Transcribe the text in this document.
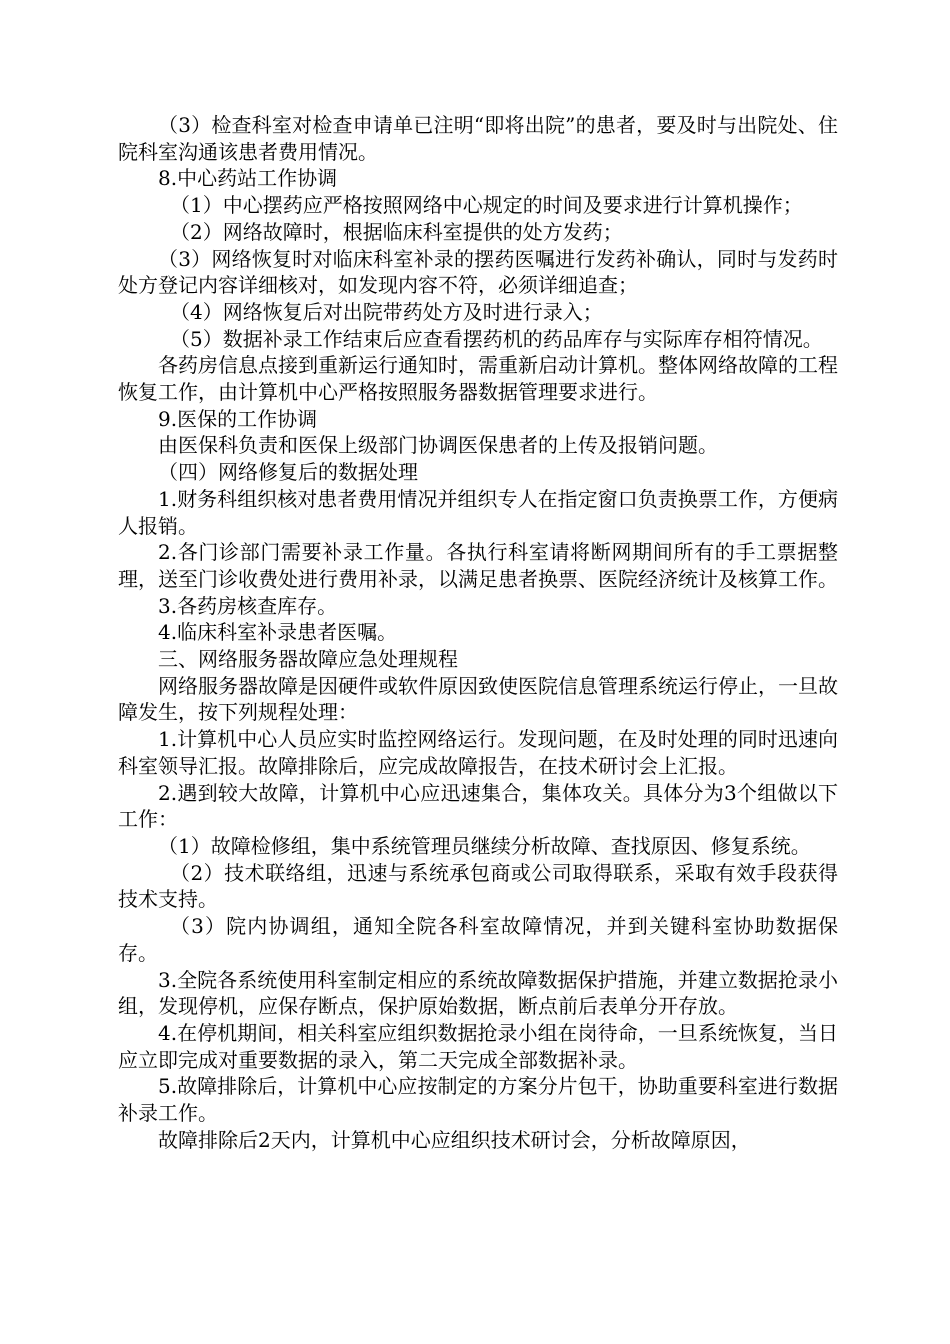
（3）检查科室对检查申请单已注明“即将出院”的患者，要及时与出院处、住院科室沟通该患者费用情况。

8.中心药站工作协调

（1）中心摆药应严格按照网络中心规定的时间及要求进行计算机操作；

（2）网络故障时，根据临床科室提供的处方发药；

（3）网络恢复时对临床科室补录的摆药医嘱进行发药补确认，同时与发药时处方登记内容详细核对，如发现内容不符，必须详细追查；

（4）网络恢复后对出院带药处方及时进行录入；

（5）数据补录工作结束后应查看摆药机的药品库存与实际库存相符情况。

各药房信息点接到重新运行通知时，需重新启动计算机。整体网络故障的工程恢复工作，由计算机中心严格按照服务器数据管理要求进行。

9.医保的工作协调

由医保科负责和医保上级部门协调医保患者的上传及报销问题。

（四）网络修复后的数据处理

1.财务科组织核对患者费用情况并组织专人在指定窗口负责换票工作，方便病人报销。

2.各门诊部门需要补录工作量。各执行科室请将断网期间所有的手工票据整理，送至门诊收费处进行费用补录，以满足患者换票、医院经济统计及核算工作。

3.各药房核查库存。

4.临床科室补录患者医嘱。

三、网络服务器故障应急处理规程

网络服务器故障是因硬件或软件原因致使医院信息管理系统运行停止，一旦故障发生，按下列规程处理：

1.计算机中心人员应实时监控网络运行。发现问题，在及时处理的同时迅速向科室领导汇报。故障排除后，应完成故障报告，在技术研讨会上汇报。

2.遇到较大故障，计算机中心应迅速集合，集体攻关。具体分为3个组做以下工作：

（1）故障检修组，集中系统管理员继续分析故障、查找原因、修复系统。

（2）技术联络组，迅速与系统承包商或公司取得联系，采取有效手段获得技术支持。

（3）院内协调组，通知全院各科室故障情况，并到关键科室协助数据保存。

3.全院各系统使用科室制定相应的系统故障数据保护措施，并建立数据抢录小组，发现停机，应保存断点，保护原始数据，断点前后表单分开存放。

4.在停机期间，相关科室应组织数据抢录小组在岗待命，一旦系统恢复，当日应立即完成对重要数据的录入，第二天完成全部数据补录。

5.故障排除后，计算机中心应按制定的方案分片包干，协助重要科室进行数据补录工作。

故障排除后2天内，计算机中心应组织技术研讨会，分析故障原因，
